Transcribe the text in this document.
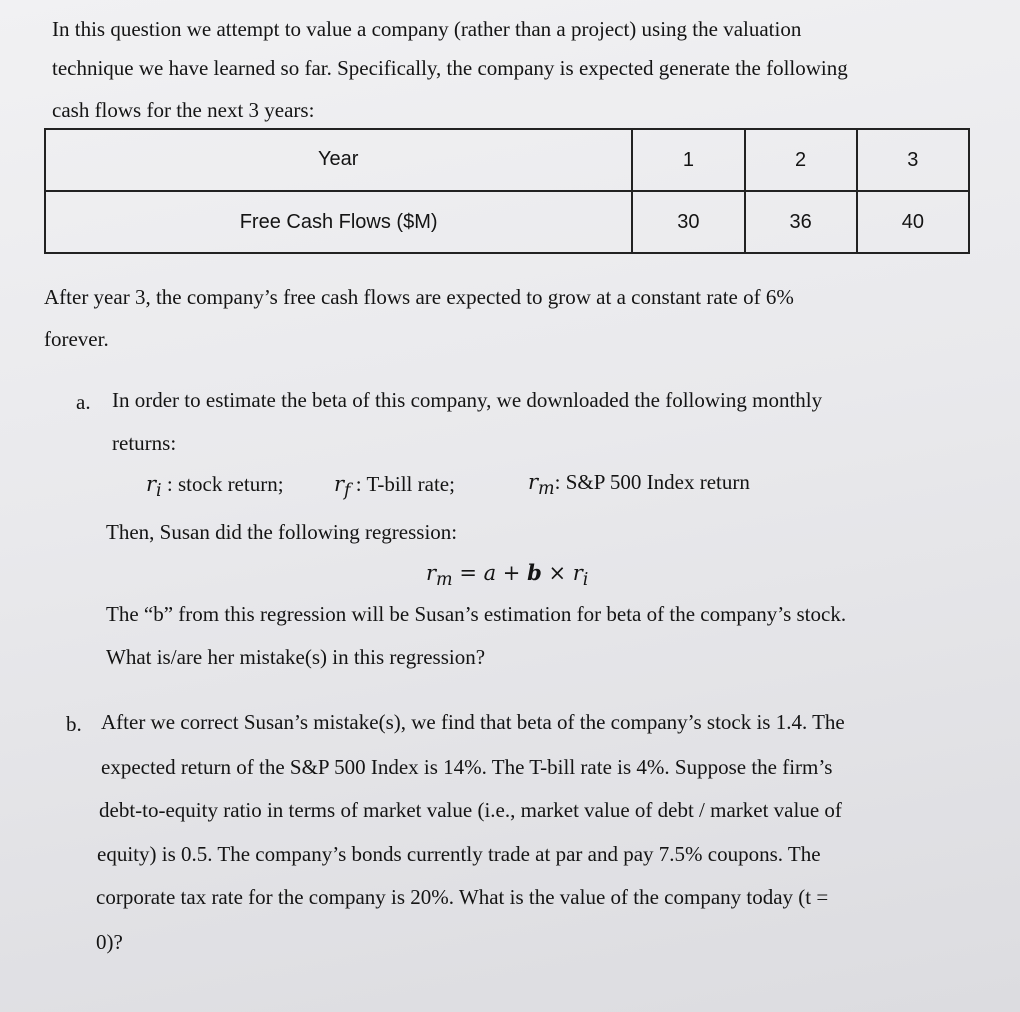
In this question we attempt to value a company (rather than a project) using the valuation

technique we have learned so far. Specifically, the company is expected generate the following

cash flows for the next 3 years:

Year	1	2	3
Free Cash Flows ($M)	30	36	40

After year 3, the company’s free cash flows are expected to grow at a constant rate of 6%

forever.

a. In order to estimate the beta of this company, we downloaded the following monthly

returns:

$r_i$ : stock return; $r_f$ : T-bill rate;	$r_m$: S&P 500 Index return

Then, Susan did the following regression:

$r_m = a + b \times r_i$

The “b” from this regression will be Susan’s estimation for beta of the company’s stock.

What is/are her mistake(s) in this regression?

b. After we correct Susan’s mistake(s), we find that beta of the company’s stock is 1.4. The

expected return of the S&P 500 Index is 14%. The T-bill rate is 4%. Suppose the firm’s

debt-to-equity ratio in terms of market value (i.e., market value of debt / market value of

equity) is 0.5. The company’s bonds currently trade at par and pay 7.5% coupons. The

corporate tax rate for the company is 20%. What is the value of the company today (t =

0)?
